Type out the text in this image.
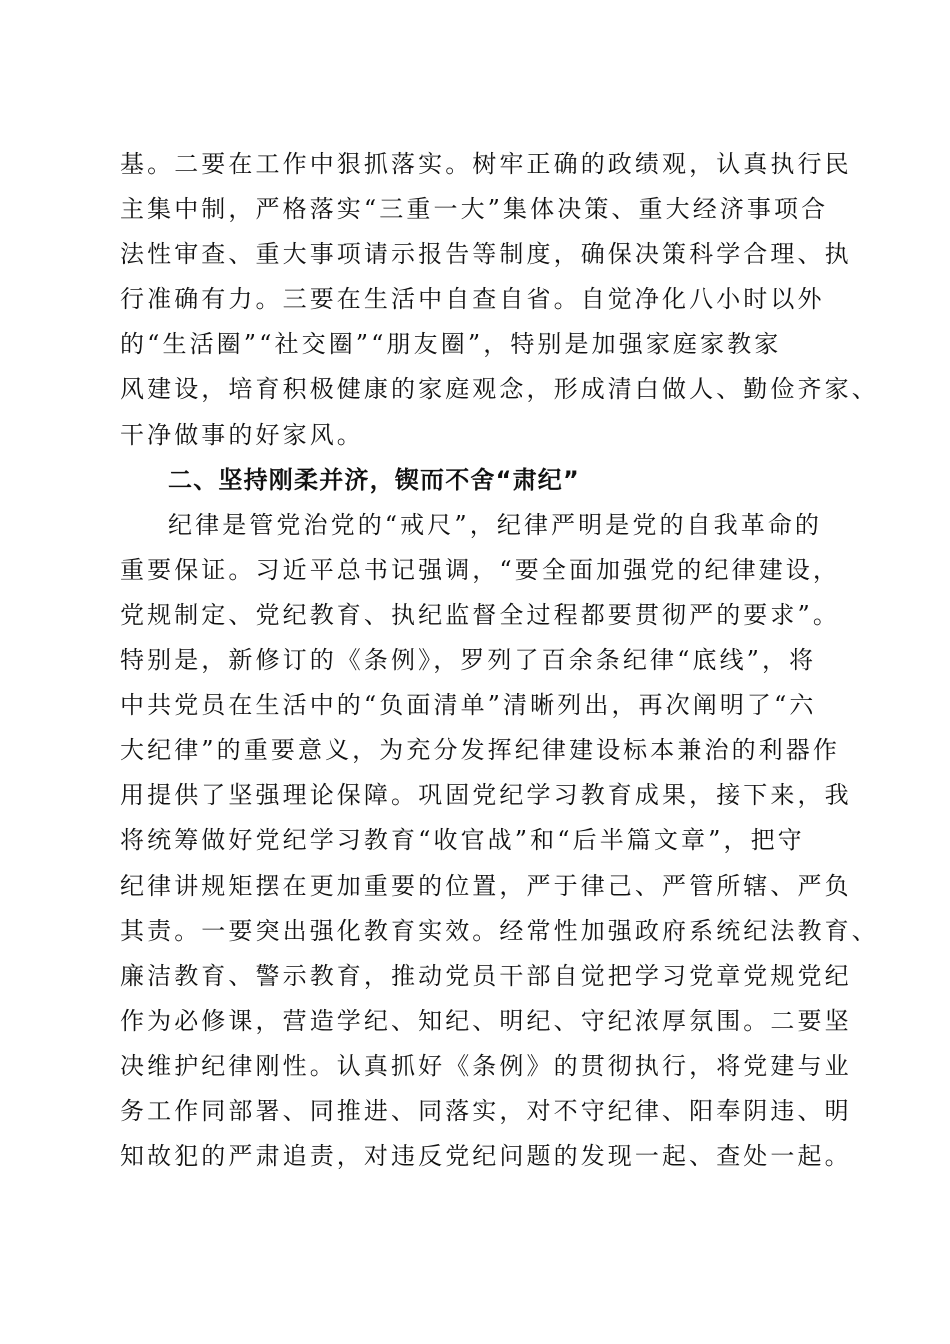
基。二要在工作中狠抓落实。树牢正确的政绩观，认真执行民
主集中制，严格落实“三重一大”集体决策、重大经济事项合
法性审查、重大事项请示报告等制度，确保决策科学合理、执
行准确有力。三要在生活中自查自省。自觉净化八小时以外
的“生活圈”“社交圈”“朋友圈”，特别是加强家庭家教家
风建设，培育积极健康的家庭观念，形成清白做人、勤俭齐家、
干净做事的好家风。
二、坚持刚柔并济，锲而不舍“肃纪”
纪律是管党治党的“戒尺”，纪律严明是党的自我革命的
重要保证。习近平总书记强调，“要全面加强党的纪律建设，
党规制定、党纪教育、执纪监督全过程都要贯彻严的要求”。
特别是，新修订的《条例》，罗列了百余条纪律“底线”，将
中共党员在生活中的“负面清单”清晰列出，再次阐明了“六
大纪律”的重要意义，为充分发挥纪律建设标本兼治的利器作
用提供了坚强理论保障。巩固党纪学习教育成果，接下来，我
将统筹做好党纪学习教育“收官战”和“后半篇文章”，把守
纪律讲规矩摆在更加重要的位置，严于律己、严管所辖、严负
其责。一要突出强化教育实效。经常性加强政府系统纪法教育、
廉洁教育、警示教育，推动党员干部自觉把学习党章党规党纪
作为必修课，营造学纪、知纪、明纪、守纪浓厚氛围。二要坚
决维护纪律刚性。认真抓好《条例》的贯彻执行，将党建与业
务工作同部署、同推进、同落实，对不守纪律、阳奉阴违、明
知故犯的严肃追责，对违反党纪问题的发现一起、查处一起。
